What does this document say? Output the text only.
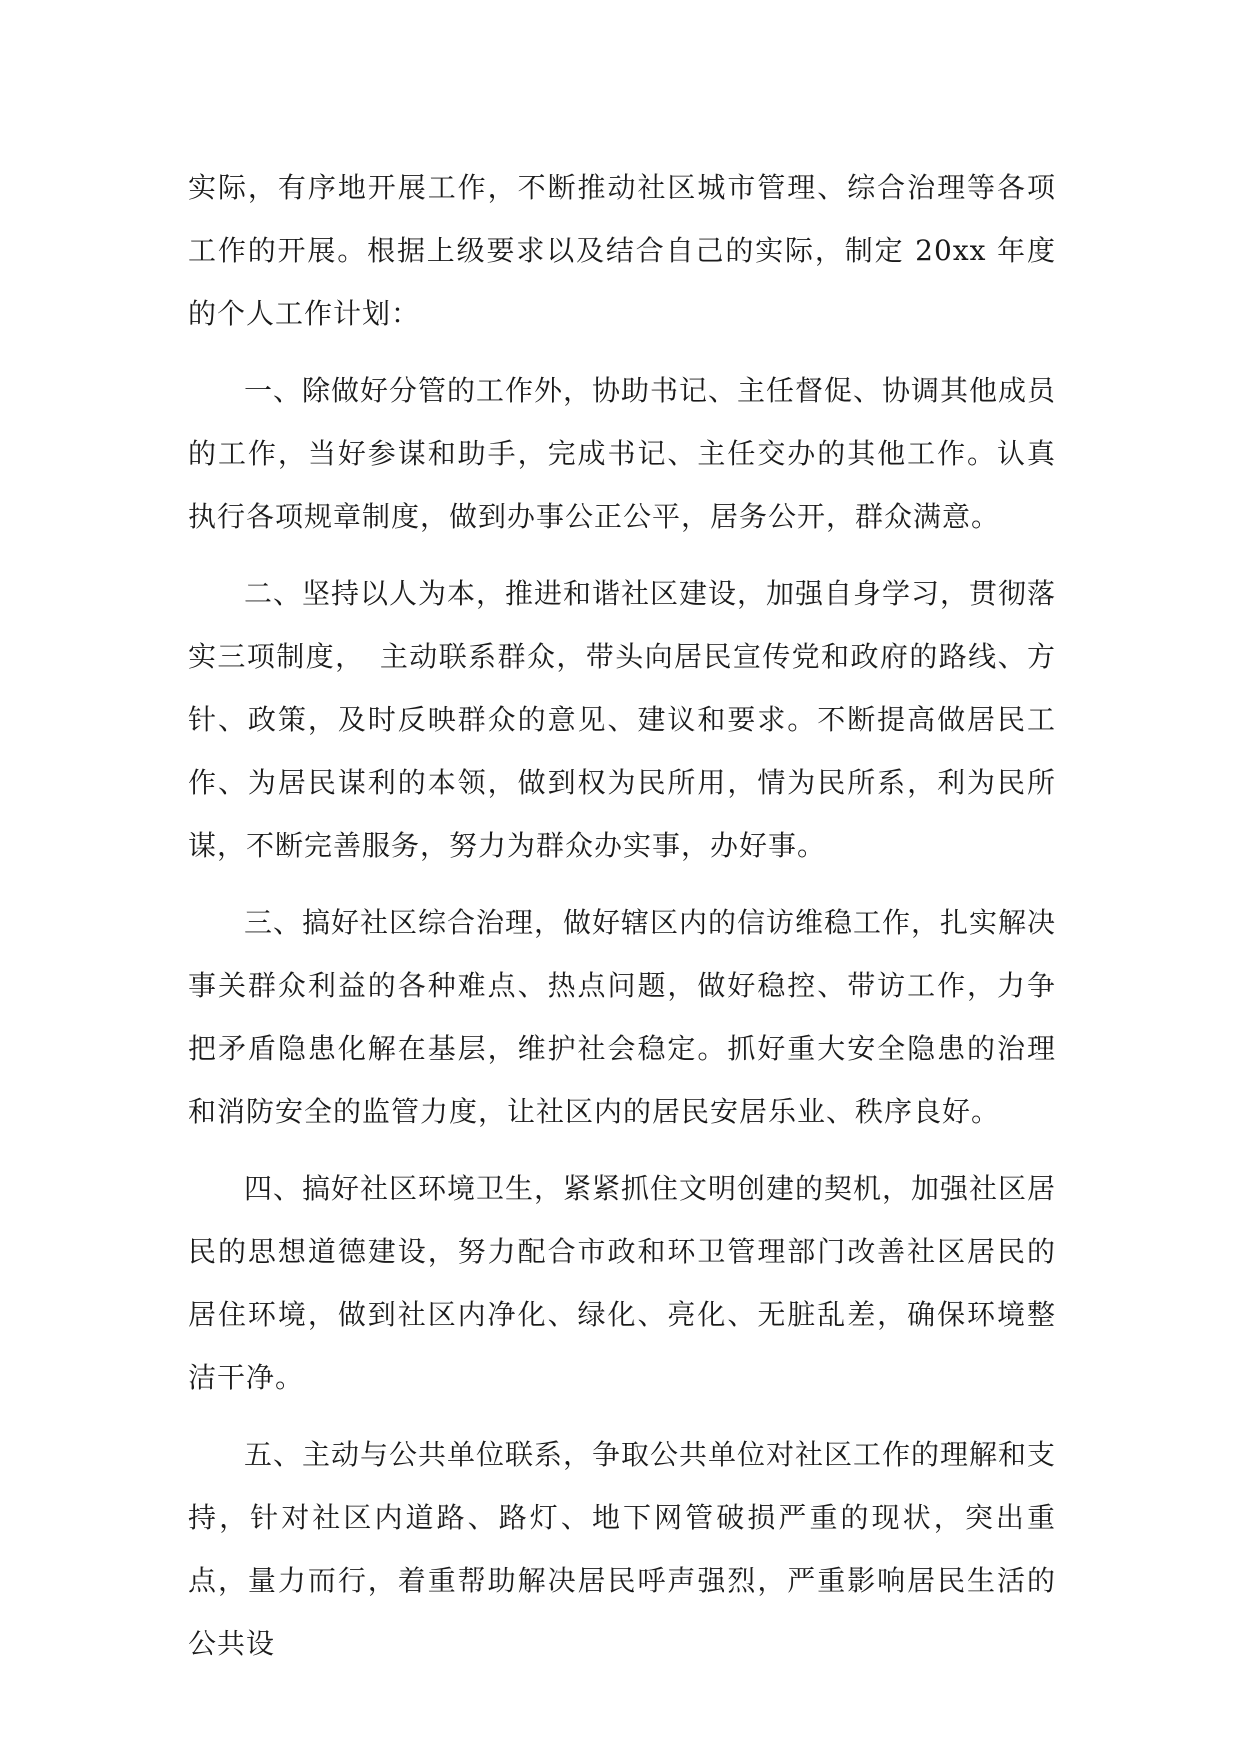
实际，有序地开展工作，不断推动社区城市管理、综合治理等各项工作的开展。根据上级要求以及结合自己的实际，制定 20xx 年度的个人工作计划：

一、除做好分管的工作外，协助书记、主任督促、协调其他成员的工作，当好参谋和助手，完成书记、主任交办的其他工作。认真执行各项规章制度，做到办事公正公平，居务公开，群众满意。

二、坚持以人为本，推进和谐社区建设，加强自身学习，贯彻落实三项制度，　主动联系群众，带头向居民宣传党和政府的路线、方针、政策，及时反映群众的意见、建议和要求。不断提高做居民工作、为居民谋利的本领，做到权为民所用，情为民所系，利为民所谋，不断完善服务，努力为群众办实事，办好事。

三、搞好社区综合治理，做好辖区内的信访维稳工作，扎实解决事关群众利益的各种难点、热点问题，做好稳控、带访工作，力争把矛盾隐患化解在基层，维护社会稳定。抓好重大安全隐患的治理和消防安全的监管力度，让社区内的居民安居乐业、秩序良好。

四、搞好社区环境卫生，紧紧抓住文明创建的契机，加强社区居民的思想道德建设，努力配合市政和环卫管理部门改善社区居民的居住环境，做到社区内净化、绿化、亮化、无脏乱差，确保环境整洁干净。

五、主动与公共单位联系，争取公共单位对社区工作的理解和支持，针对社区内道路、路灯、地下网管破损严重的现状，突出重点，量力而行，着重帮助解决居民呼声强烈，严重影响居民生活的公共设
